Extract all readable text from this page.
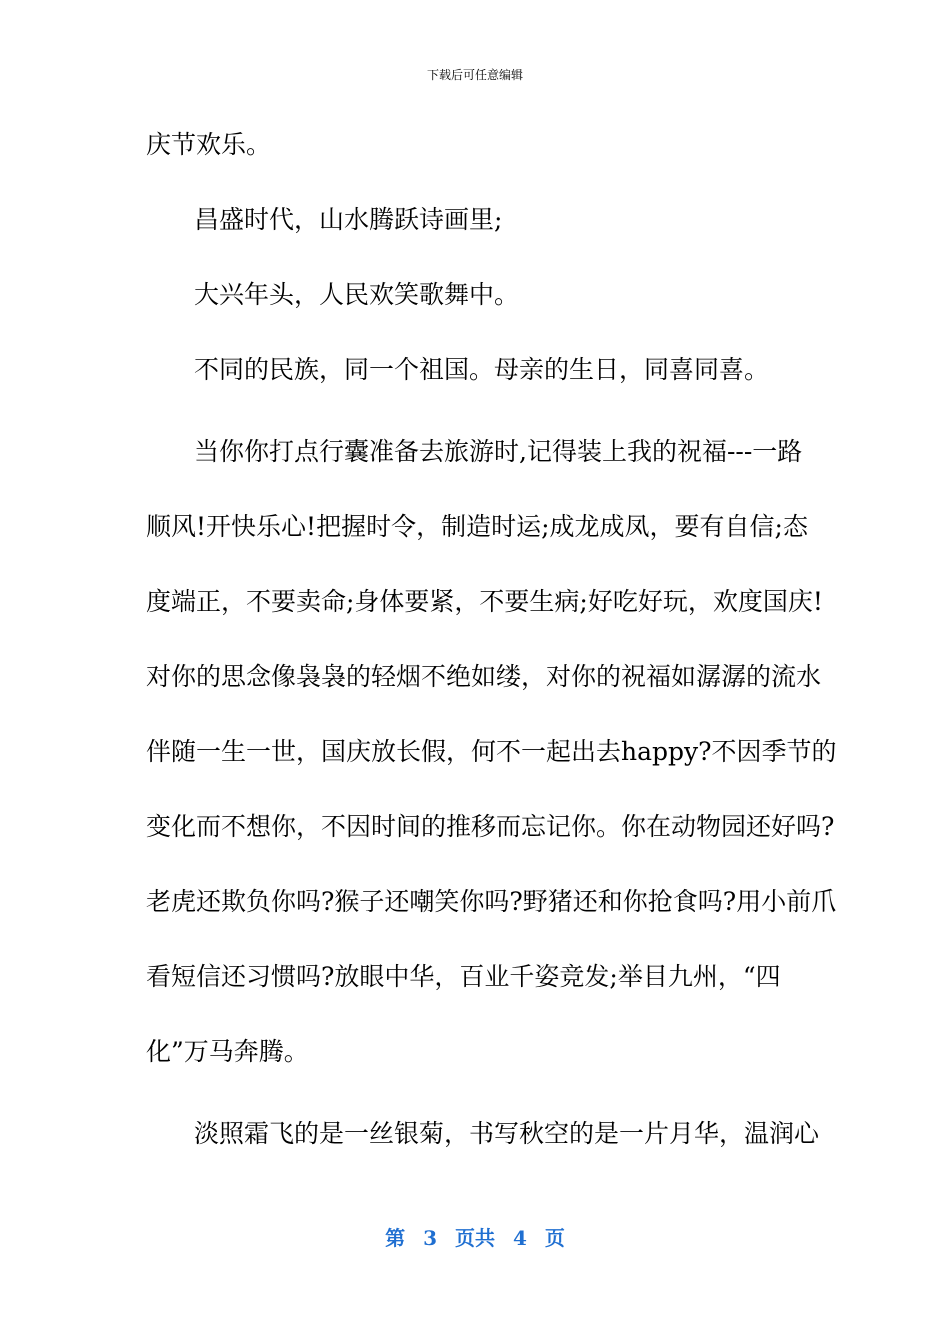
下载后可任意编辑
庆节欢乐。
昌盛时代，山水腾跃诗画里;
大兴年头，人民欢笑歌舞中。
不同的民族，同一个祖国。母亲的生日，同喜同喜。
当你你打点行囊准备去旅游时,记得装上我的祝福---一路
顺风!开快乐心!把握时令，制造时运;成龙成凤，要有自信;态
度端正，不要卖命;身体要紧，不要生病;好吃好玩，欢度国庆!
对你的思念像袅袅的轻烟不绝如缕，对你的祝福如潺潺的流水
伴随一生一世，国庆放长假，何不一起出去happy?不因季节的
变化而不想你，不因时间的推移而忘记你。你在动物园还好吗?
老虎还欺负你吗?猴子还嘲笑你吗?野猪还和你抢食吗?用小前爪
看短信还习惯吗?放眼中华，百业千姿竞发;举目九州，“四
化”万马奔腾。
淡照霜飞的是一丝银菊，书写秋空的是一片月华，温润心
第 3 页共 4 页
